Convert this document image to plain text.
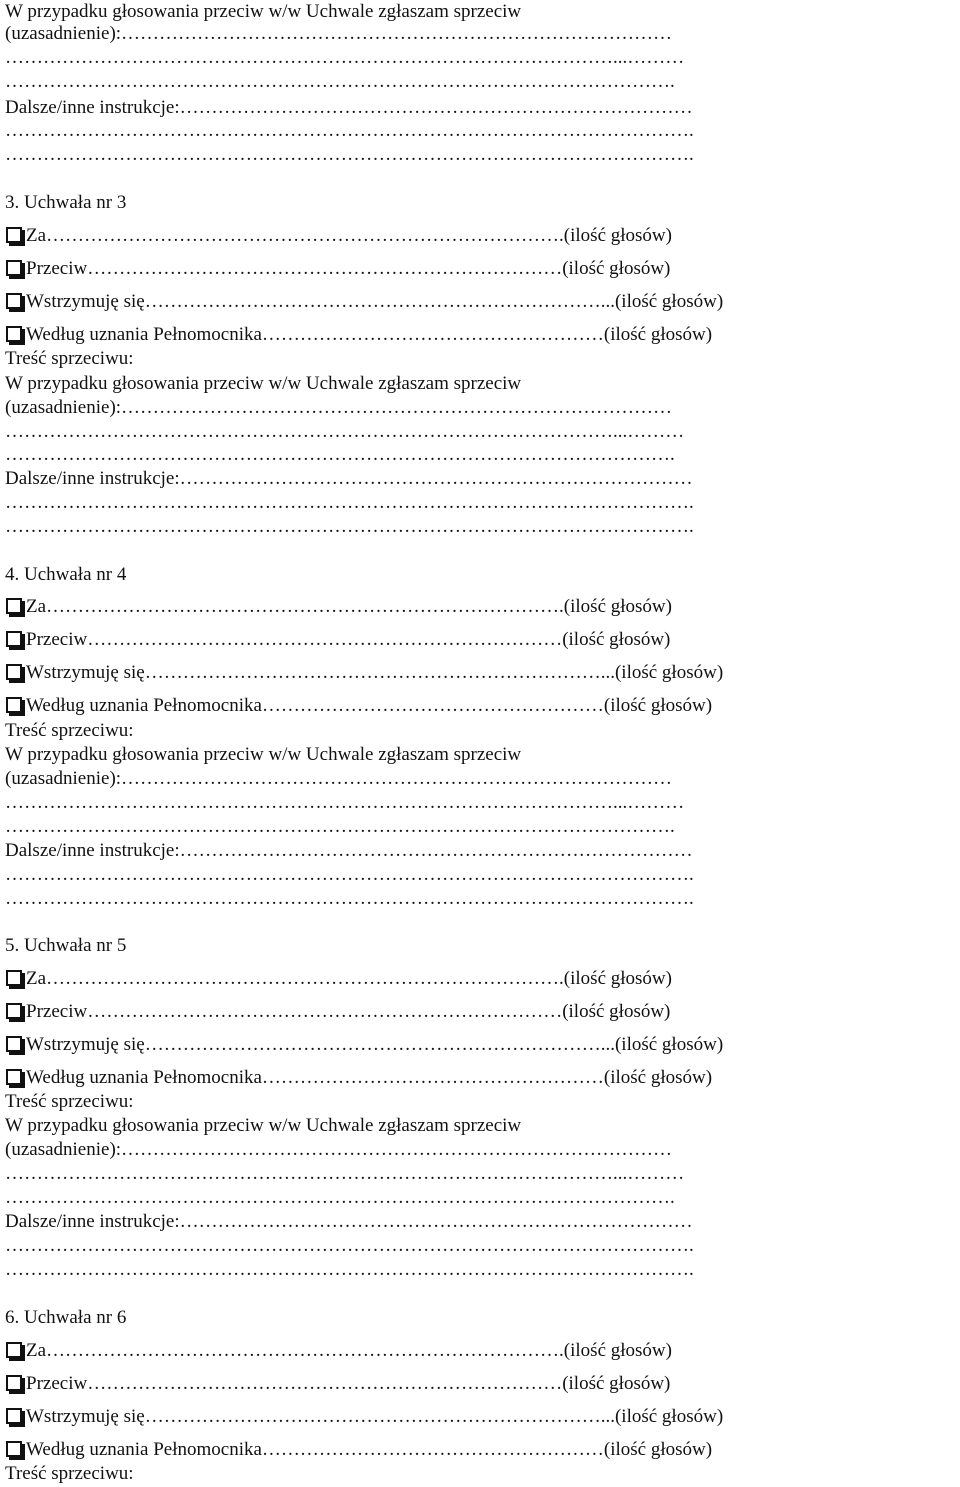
W przypadku głosowania przeciw w/w Uchwale zgłaszam sprzeciw
(uzasadnienie):……………………………………………………………………………
……………………………………………………………………………………...………
…………………………………………………………………………………………….
Dalsze/inne instrukcje:………………………………………………………………………
……………………………………………………………………………………………….
……………………………………………………………………………………………….
3. Uchwała nr 3
Za ………………………………………………………………………. (ilość głosów)
Przeciw ………………………………………………………………… (ilość głosów)
Wstrzymuję się ………………………………………………………………... (ilość głosów)
Według uznania Pełnomocnika ……………………………………………… (ilość głosów)
Treść sprzeciwu:
W przypadku głosowania przeciw w/w Uchwale zgłaszam sprzeciw
(uzasadnienie):……………………………………………………………………………
……………………………………………………………………………………...………
…………………………………………………………………………………………….
Dalsze/inne instrukcje:………………………………………………………………………
……………………………………………………………………………………………….
……………………………………………………………………………………………….
4. Uchwała nr 4
Za ………………………………………………………………………. (ilość głosów)
Przeciw ………………………………………………………………… (ilość głosów)
Wstrzymuję się ………………………………………………………………... (ilość głosów)
Według uznania Pełnomocnika ……………………………………………… (ilość głosów)
Treść sprzeciwu:
W przypadku głosowania przeciw w/w Uchwale zgłaszam sprzeciw
(uzasadnienie):……………………………………………………………………………
……………………………………………………………………………………...………
…………………………………………………………………………………………….
Dalsze/inne instrukcje:………………………………………………………………………
……………………………………………………………………………………………….
……………………………………………………………………………………………….
5. Uchwała nr 5
Za ………………………………………………………………………. (ilość głosów)
Przeciw ………………………………………………………………… (ilość głosów)
Wstrzymuję się ………………………………………………………………... (ilość głosów)
Według uznania Pełnomocnika ……………………………………………… (ilość głosów)
Treść sprzeciwu:
W przypadku głosowania przeciw w/w Uchwale zgłaszam sprzeciw
(uzasadnienie):……………………………………………………………………………
……………………………………………………………………………………...………
…………………………………………………………………………………………….
Dalsze/inne instrukcje:………………………………………………………………………
……………………………………………………………………………………………….
……………………………………………………………………………………………….
6. Uchwała nr 6
Za ………………………………………………………………………. (ilość głosów)
Przeciw ………………………………………………………………… (ilość głosów)
Wstrzymuję się ………………………………………………………………... (ilość głosów)
Według uznania Pełnomocnika ……………………………………………… (ilość głosów)
Treść sprzeciwu:
